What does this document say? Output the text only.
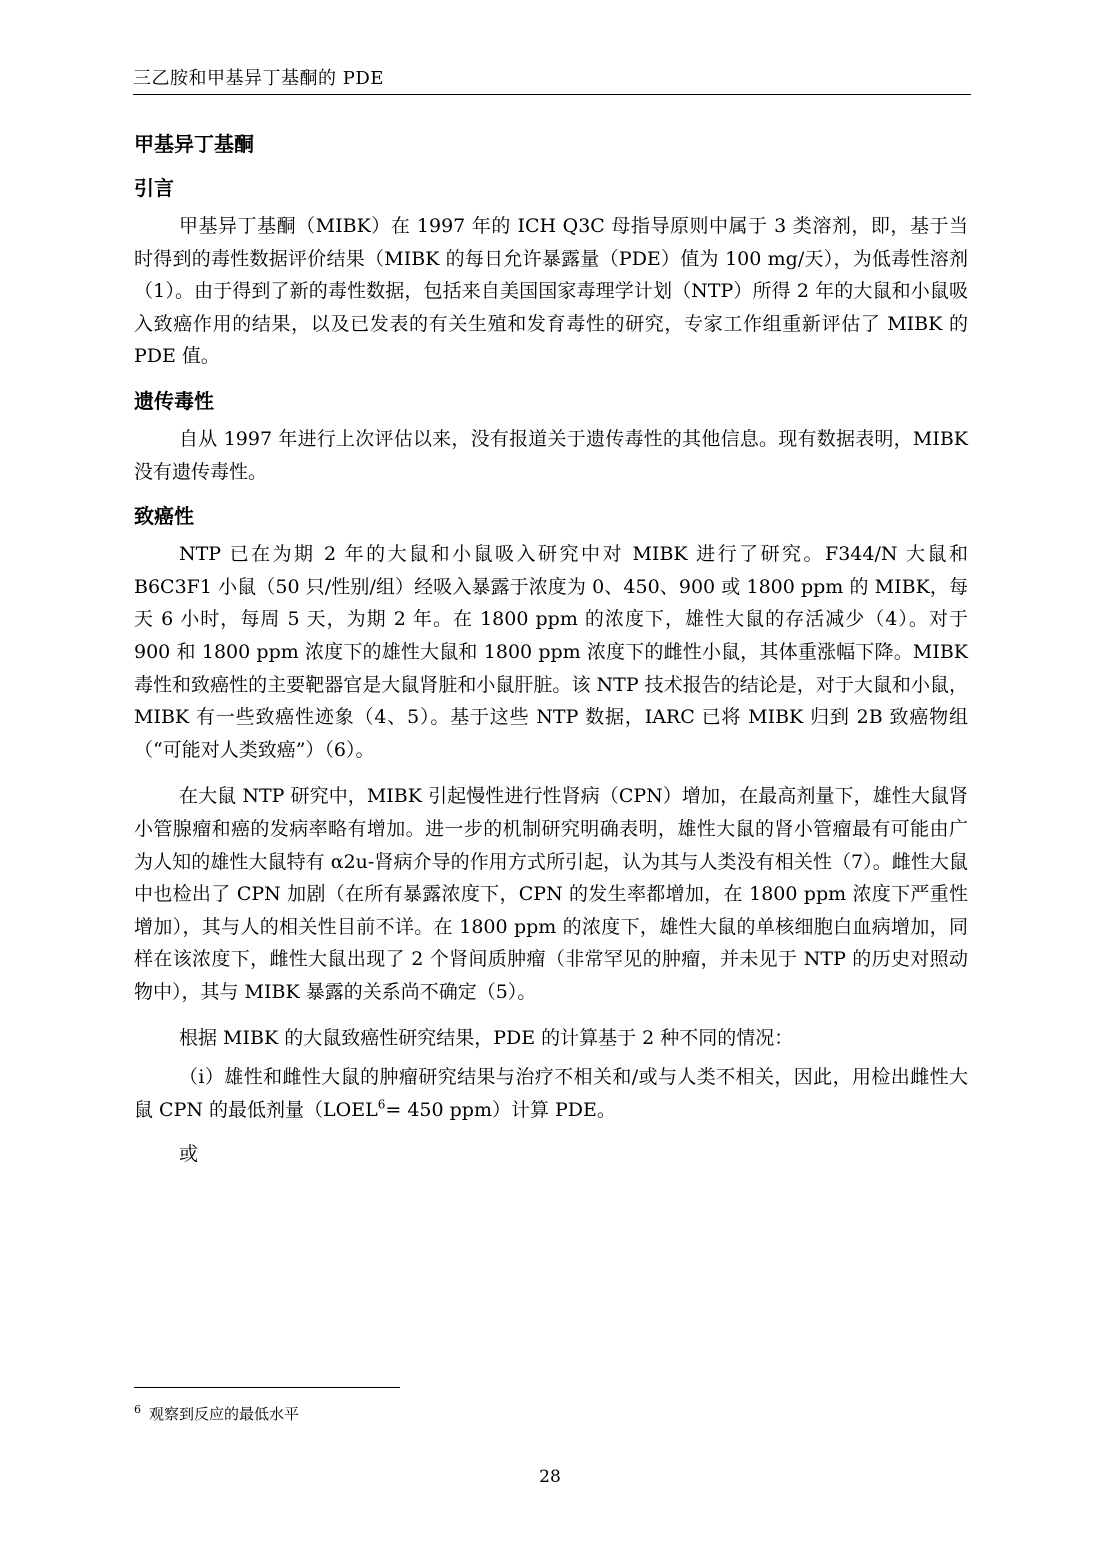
三乙胺和甲基异丁基酮的 PDE
甲基异丁基酮
引言

甲基异丁基酮（MIBK）在 1997 年的 ICH Q3C 母指导原则中属于 3 类溶剂，即，基于当时得到的毒性数据评价结果（MIBK 的每日允许暴露量（PDE）值为 100 mg/天），为低毒性溶剂（1）。由于得到了新的毒性数据，包括来自美国国家毒理学计划（NTP）所得 2 年的大鼠和小鼠吸入致癌作用的结果，以及已发表的有关生殖和发育毒性的研究，专家工作组重新评估了 MIBK 的 PDE 值。

遗传毒性

自从 1997 年进行上次评估以来，没有报道关于遗传毒性的其他信息。现有数据表明，MIBK 没有遗传毒性。

致癌性

NTP 已在为期 2 年的大鼠和小鼠吸入研究中对 MIBK 进行了研究。F344/N 大鼠和 B6C3F1 小鼠（50 只/性别/组）经吸入暴露于浓度为 0、450、900 或 1800 ppm 的 MIBK，每天 6 小时，每周 5 天，为期 2 年。在 1800 ppm 的浓度下，雄性大鼠的存活减少（4）。对于 900 和 1800 ppm 浓度下的雄性大鼠和 1800 ppm 浓度下的雌性小鼠，其体重涨幅下降。MIBK 毒性和致癌性的主要靶器官是大鼠肾脏和小鼠肝脏。该 NTP 技术报告的结论是，对于大鼠和小鼠，MIBK 有一些致癌性迹象（4、5）。基于这些 NTP 数据，IARC 已将 MIBK 归到 2B 致癌物组（“可能对人类致癌”）（6）。

在大鼠 NTP 研究中，MIBK 引起慢性进行性肾病（CPN）增加，在最高剂量下，雄性大鼠肾小管腺瘤和癌的发病率略有增加。进一步的机制研究明确表明，雄性大鼠的肾小管瘤最有可能由广为人知的雄性大鼠特有 α2u-肾病介导的作用方式所引起，认为其与人类没有相关性（7）。雌性大鼠中也检出了 CPN 加剧（在所有暴露浓度下，CPN 的发生率都增加，在 1800 ppm 浓度下严重性增加），其与人的相关性目前不详。在 1800 ppm 的浓度下，雄性大鼠的单核细胞白血病增加，同样在该浓度下，雌性大鼠出现了 2 个肾间质肿瘤（非常罕见的肿瘤，并未见于 NTP 的历史对照动物中），其与 MIBK 暴露的关系尚不确定（5）。

根据 MIBK 的大鼠致癌性研究结果，PDE 的计算基于 2 种不同的情况：

（i）雄性和雌性大鼠的肿瘤研究结果与治疗不相关和/或与人类不相关，因此，用检出雌性大鼠 CPN 的最低剂量（$LOEL^6= 450$ ppm）计算 PDE。

或

$^6$ 观察到反应的最低水平
28
